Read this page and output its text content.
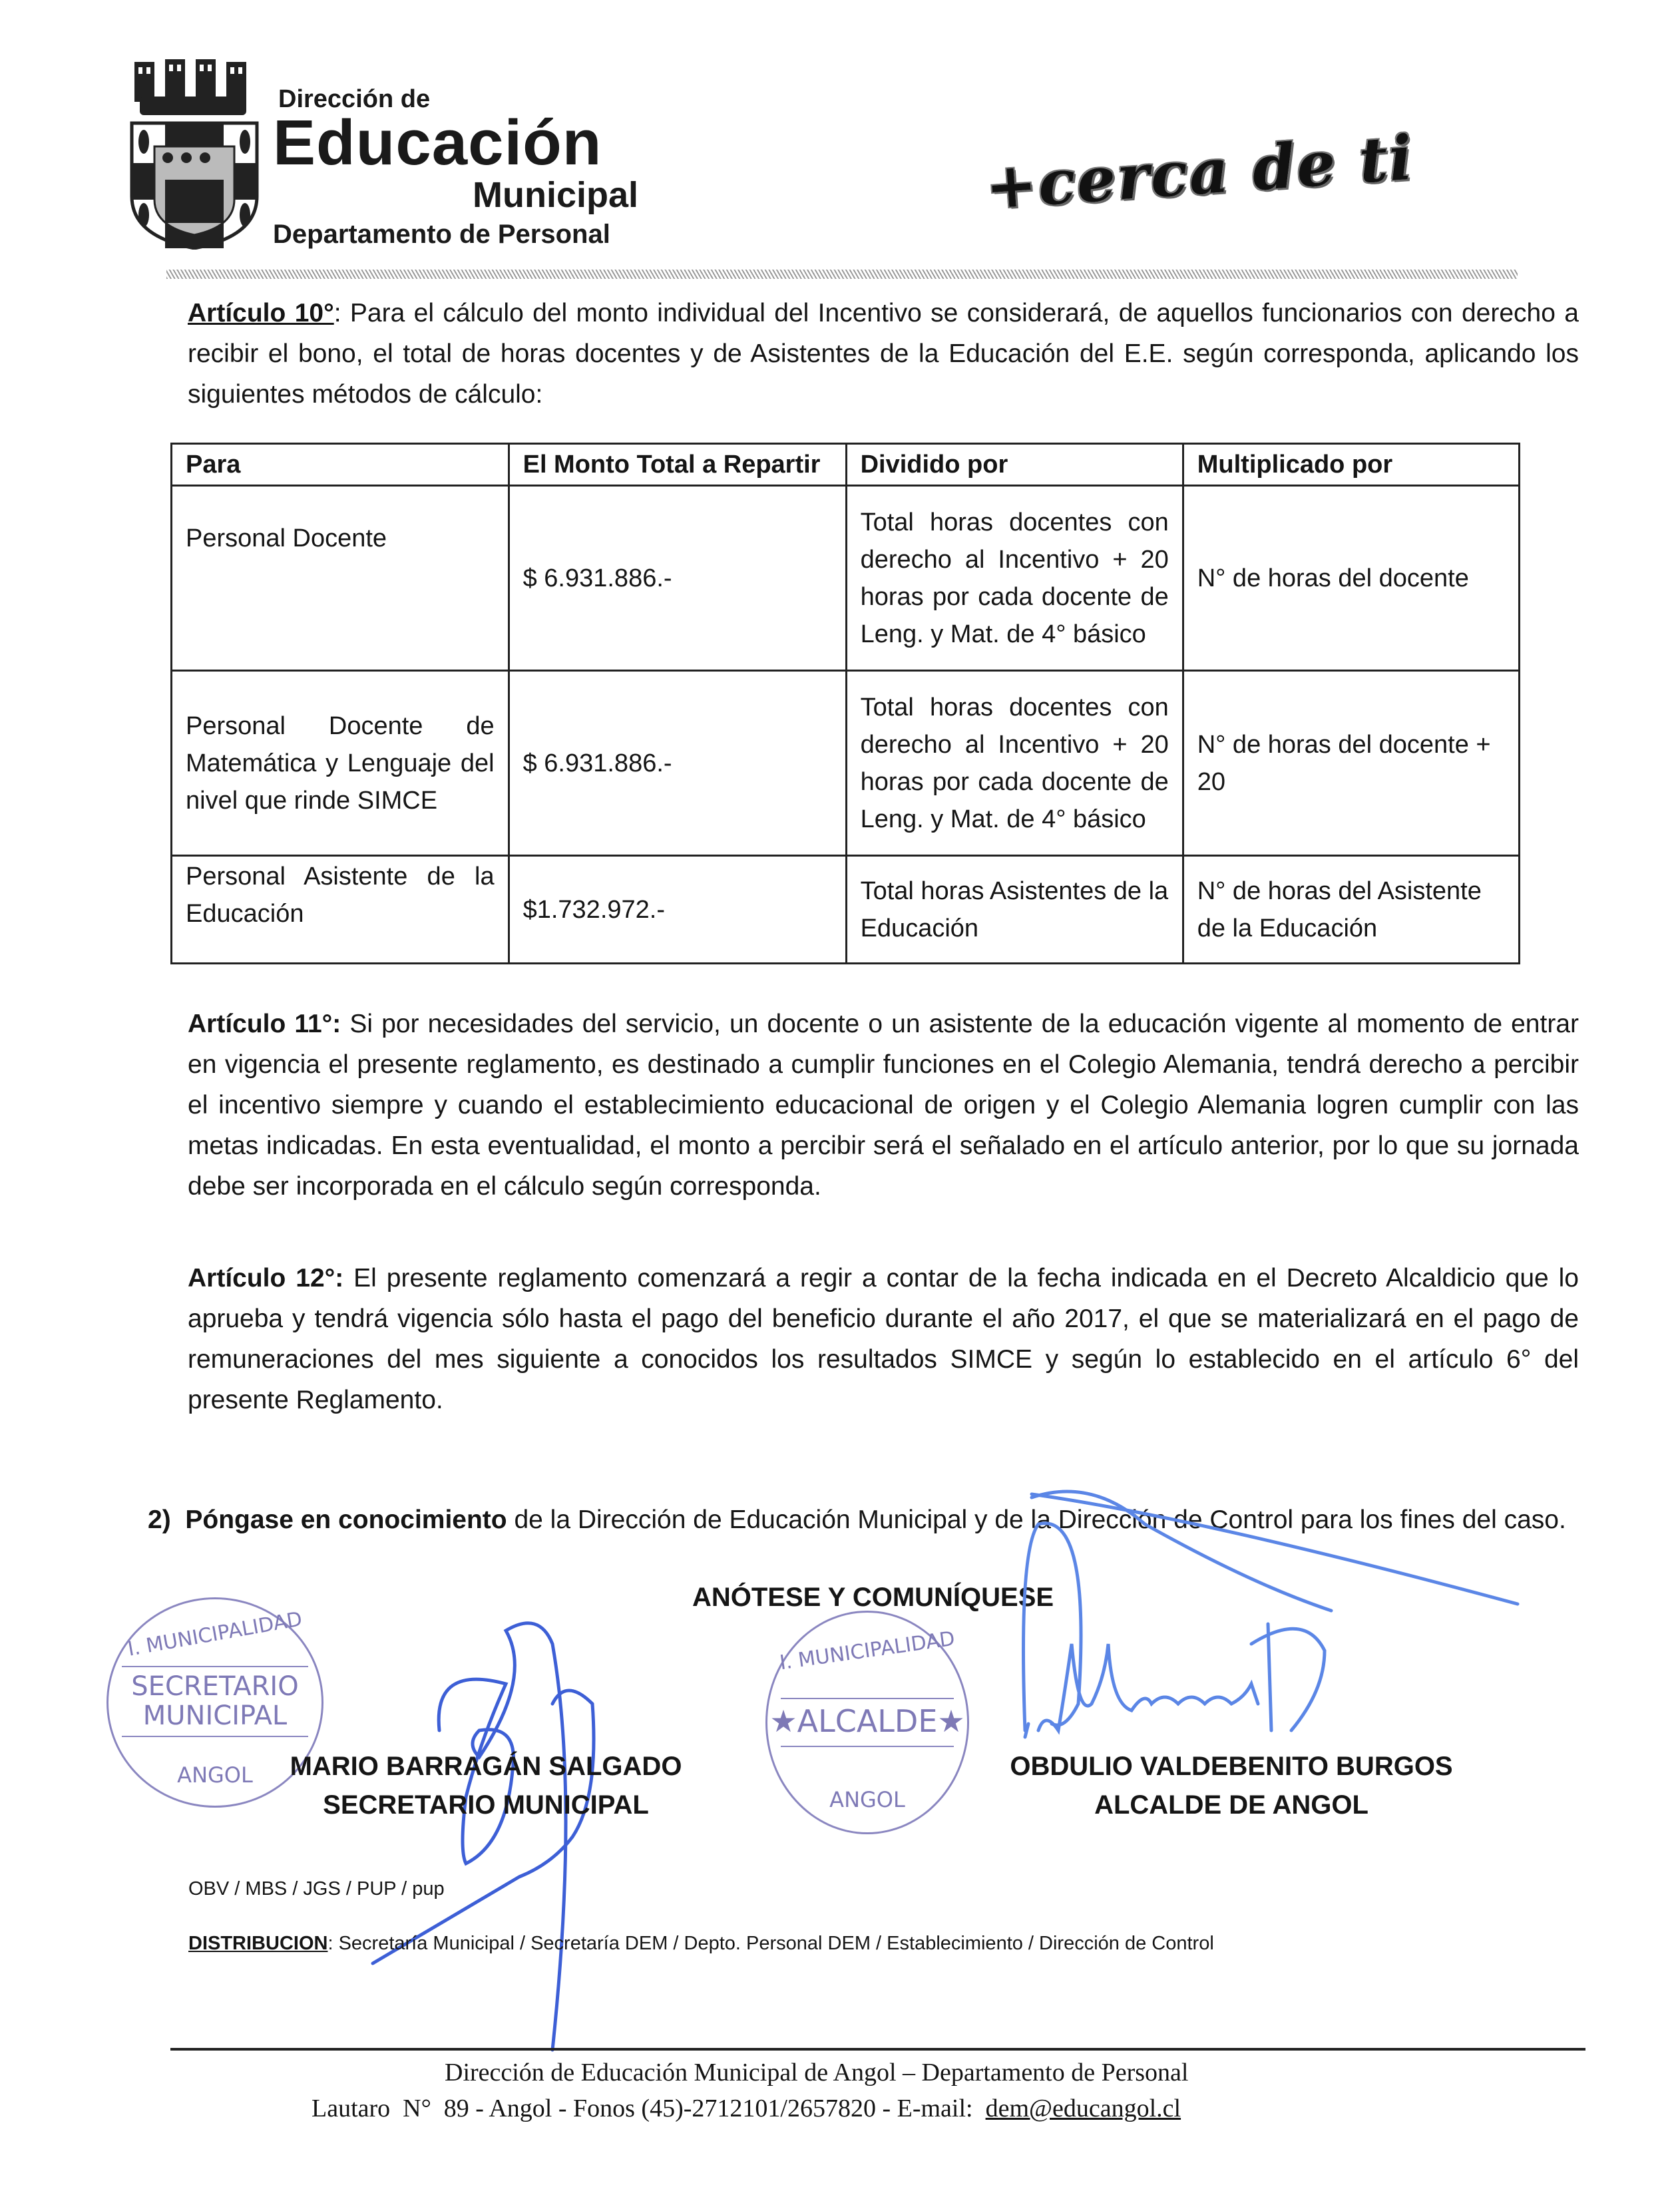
Dirección de
Educación
Municipal
Departamento de Personal
+cerca de ti
Artículo 10°: Para el cálculo del monto individual del Incentivo se considerará, de aquellos funcionarios con derecho a recibir el bono, el total de horas docentes y de Asistentes de la Educación del E.E. según corresponda, aplicando los siguientes métodos de cálculo:
Para	El Monto Total a Repartir	Dividido por	Multiplicado por
Personal Docente	$ 6.931.886.-	Total horas docentes con derecho al Incentivo + 20 horas por cada docente de Leng. y Mat. de 4° básico	N° de horas del docente
Personal Docente de Matemática y Lenguaje del nivel que rinde SIMCE	$ 6.931.886.-	Total horas docentes con derecho al Incentivo + 20 horas por cada docente de Leng. y Mat. de 4° básico	N° de horas del docente + 20
Personal Asistente de la Educación	$1.732.972.-	Total horas Asistentes de la Educación	N° de horas del Asistente de la Educación
Artículo 11°: Si por necesidades del servicio, un docente o un asistente de la educación vigente al momento de entrar en vigencia el presente reglamento, es destinado a cumplir funciones en el Colegio Alemania, tendrá derecho a percibir el incentivo siempre y cuando el establecimiento educacional de origen y el Colegio Alemania logren cumplir con las metas indicadas. En esta eventualidad, el monto a percibir será el señalado en el artículo anterior, por lo que su jornada debe ser incorporada en el cálculo según corresponda.
Artículo 12°: El presente reglamento comenzará a regir a contar de la fecha indicada en el Decreto Alcaldicio que lo aprueba y tendrá vigencia sólo hasta el pago del beneficio durante el año 2017, el que se materializará en el pago de remuneraciones del mes siguiente a conocidos los resultados SIMCE y según lo establecido en el artículo 6° del presente Reglamento.
2) Póngase en conocimiento de la Dirección de Educación Municipal y de la Dirección de Control para los fines del caso.
ANÓTESE Y COMUNÍQUESE
I. MUNICIPALIDAD
SECRETARIO
MUNICIPAL
ANGOL
I. MUNICIPALIDAD
★ALCALDE★
ANGOL
MARIO BARRAGÁN SALGADO
SECRETARIO MUNICIPAL
OBDULIO VALDEBENITO BURGOS
ALCALDE DE ANGOL
OBV / MBS / JGS / PUP / pup
DISTRIBUCION: Secretaría Municipal / Secretaría DEM / Depto. Personal DEM / Establecimiento / Dirección de Control
Dirección de Educación Municipal de Angol – Departamento de Personal
Lautaro  N°  89 - Angol - Fonos (45)-2712101/2657820 - E-mail:  dem@educangol.cl
